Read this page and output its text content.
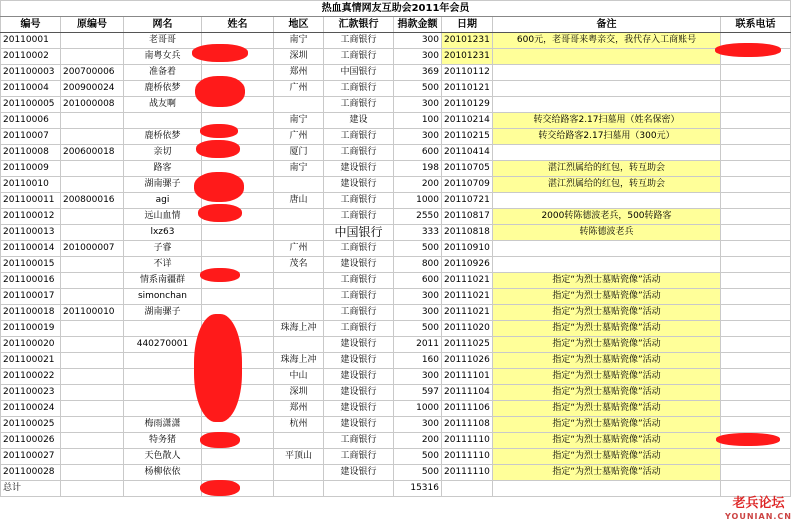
热血真情网友互助会2011年会员									
编号	原编号	网名	姓名	地区	汇款银行	捐款金额	日期	备注	联系电话
20110001		老哥哥		南宁	工商银行	300	20101231	600元，老哥哥来粤亲交，我代存入工商账号	
20110002		南粤女兵		深圳	工商银行	300	20101231		
201100003	200700006	准备着		郑州	中国银行	369	20110112		
20110004	200900024	鹿桥依梦		广州	工商银行	500	20110121		
201100005	201000008	战友啊			工商银行	300	20110129		
20110006				南宁	建设	100	20110214	转交给路客2.17扫墓用（姓名保密）	
20110007		鹿桥依梦		广州	工商银行	300	20110215	转交给路客2.17扫墓用（300元）	
20110008	200600018	亲切		厦门	工商银行	600	20110414		
20110009		路客		南宁	建设银行	198	20110705	湛江烈属给的红包，转互助会	
20110010		湖南骡子			建设银行	200	20110709	湛江烈属给的红包，转互助会	
201100011	200800016	agi		唐山	工商银行	1000	20110721		
201100012		远山血情			工商银行	2550	20110817	2000转陈德波老兵，500转路客	
201100013		lxz63			中国银行	333	20110818	转陈德波老兵	
201100014	201000007	子睿		广州	工商银行	500	20110910		
201100015		不详		茂名	建设银行	800	20110926		
201100016		情系南疆群			工商银行	600	20111021	指定“为烈士墓贴瓷像”活动	
201100017		simonchan			工商银行	300	20111021	指定“为烈士墓贴瓷像”活动	
201100018	201100010	湖南骡子			工商银行	300	20111021	指定“为烈士墓贴瓷像”活动	
201100019				珠海上冲	工商银行	500	20111020	指定“为烈士墓贴瓷像”活动	
201100020		440270001			建设银行	2011	20111025	指定“为烈士墓贴瓷像”活动	
201100021				珠海上冲	建设银行	160	20111026	指定“为烈士墓贴瓷像”活动	
201100022				中山	建设银行	300	20111101	指定“为烈士墓贴瓷像”活动	
201100023				深圳	建设银行	597	20111104	指定“为烈士墓贴瓷像”活动	
201100024				郑州	建设银行	1000	20111106	指定“为烈士墓贴瓷像”活动	
201100025		梅雨潇潇		杭州	建设银行	300	20111108	指定“为烈士墓贴瓷像”活动	
201100026		特务猪			工商银行	200	20111110	指定“为烈士墓贴瓷像”活动	
201100027		天色散人		平顶山	工商银行	500	20111110	指定“为烈士墓贴瓷像”活动	
201100028		杨柳依依			建设银行	500	20111110	指定“为烈士墓贴瓷像”活动	
总计						15316			
老兵论坛
YOUNIAN.CN
